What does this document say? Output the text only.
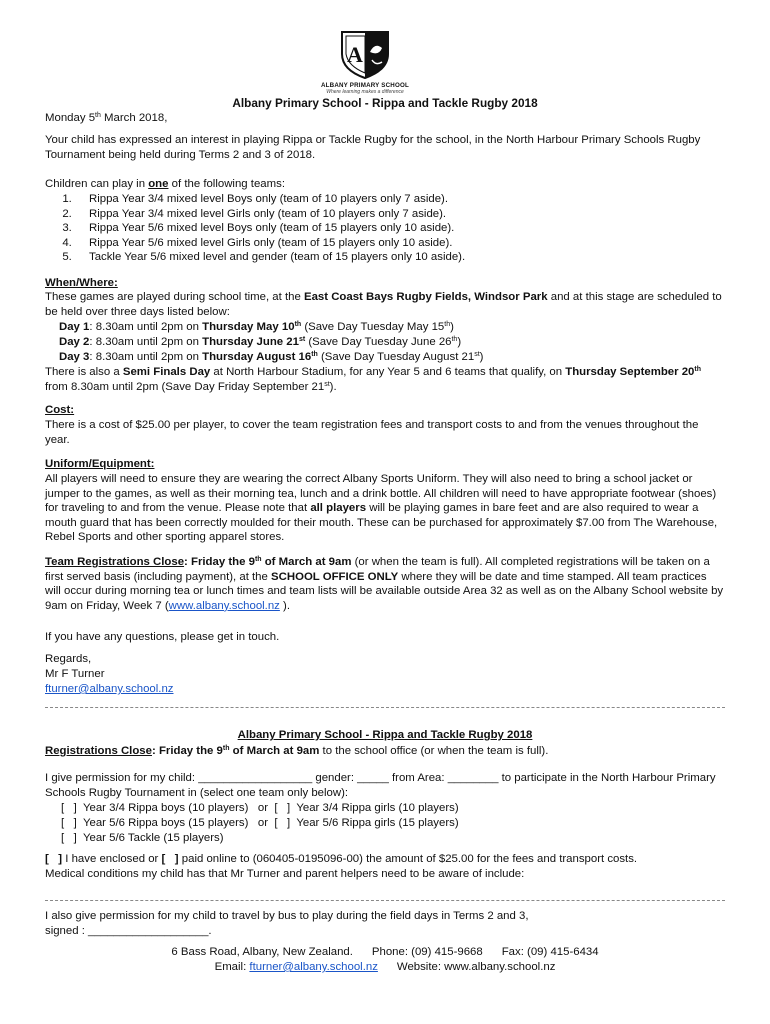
A
ALBANY PRIMARY SCHOOL
Where learning makes a difference

Albany Primary School - Rippa and Tackle Rugby 2018

Monday 5th March 2018,

Your child has expressed an interest in playing Rippa or Tackle Rugby for the school, in the North Harbour Primary Schools Rugby Tournament being held during Terms 2 and 3 of 2018.

Children can play in one of the following teams:

1. Rippa Year 3/4 mixed level Boys only (team of 10 players only 7 aside).
2. Rippa Year 3/4 mixed level Girls only (team of 10 players only 7 aside).
3. Rippa Year 5/6 mixed level Boys only (team of 15 players only 10 aside).
4. Rippa Year 5/6 mixed level Girls only (team of 15 players only 10 aside).
5. Tackle Year 5/6 mixed level and gender (team of 15 players only 10 aside).

When/Where:

These games are played during school time, at the East Coast Bays Rugby Fields, Windsor Park and at this stage are scheduled to be held over three days listed below:

Day 1: 8.30am until 2pm on Thursday May 10th (Save Day Tuesday May 15th)

Day 2: 8.30am until 2pm on Thursday June 21st (Save Day Tuesday June 26th)

Day 3: 8.30am until 2pm on Thursday August 16th (Save Day Tuesday August 21st)

There is also a Semi Finals Day at North Harbour Stadium, for any Year 5 and 6 teams that qualify, on Thursday September 20th from 8.30am until 2pm (Save Day Friday September 21st).

Cost:

There is a cost of $25.00 per player, to cover the team registration fees and transport costs to and from the venues throughout the year.

Uniform/Equipment:

All players will need to ensure they are wearing the correct Albany Sports Uniform. They will also need to bring a school jacket or jumper to the games, as well as their morning tea, lunch and a drink bottle. All children will need to have appropriate footwear (shoes) for traveling to and from the venue. Please note that all players will be playing games in bare feet and are also required to wear a mouth guard that has been correctly moulded for their mouth. These can be purchased for approximately $7.00 from The Warehouse, Rebel Sports and other sporting apparel stores.

Team Registrations Close: Friday the 9th of March at 9am (or when the team is full). All completed registrations will be taken on a first served basis (including payment), at the SCHOOL OFFICE ONLY where they will be date and time stamped. All team practices will occur during morning tea or lunch times and team lists will be available outside Area 32 as well as on the Albany School website by 9am on Friday, Week 7 (www.albany.school.nz ).

If you have any questions, please get in touch.

Regards,

Mr F Turner

fturner@albany.school.nz

Albany Primary School - Rippa and Tackle Rugby 2018

Registrations Close: Friday the 9th of March at 9am to the school office (or when the team is full).

I give permission for my child: __________________ gender: _____ from Area: ________ to participate in the North Harbour Primary Schools Rugby Tournament in (select one team only below):

[   ]  Year 3/4 Rippa boys (10 players)   or  [   ]  Year 3/4 Rippa girls (10 players)

[   ]  Year 5/6 Rippa boys (15 players)   or  [   ]  Year 5/6 Rippa girls (15 players)

[   ]  Year 5/6 Tackle (15 players)

[   ] I have enclosed or [   ] paid online to (060405-0195096-00) the amount of $25.00 for the fees and transport costs.

Medical conditions my child has that Mr Turner and parent helpers need to be aware of include:

I also give permission for my child to travel by bus to play during the field days in Terms 2 and 3,

signed : ___________________.

6 Bass Road, Albany, New Zealand.      Phone: (09) 415-9668      Fax: (09) 415-6434

Email: fturner@albany.school.nz      Website: www.albany.school.nz
